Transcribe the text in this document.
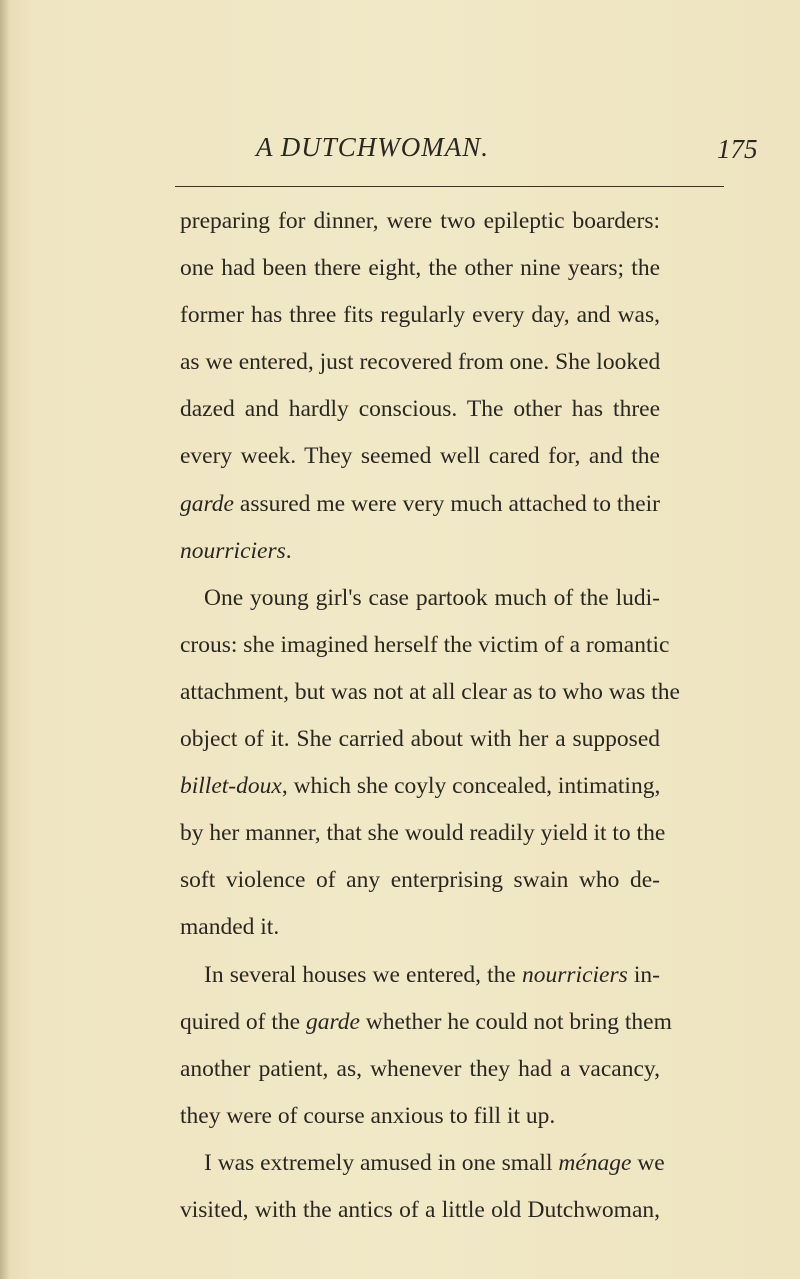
A DUTCHWOMAN.	175
preparing for dinner, were two epileptic boarders:
one had been there eight, the other nine years; the
former has three fits regularly every day, and was,
as we entered, just recovered from one. She looked
dazed and hardly conscious. The other has three
every week. They seemed well cared for, and the
garde assured me were very much attached to their
nourriciers.
One young girl's case partook much of the ludi-
crous: she imagined herself the victim of a romantic
attachment, but was not at all clear as to who was the
object of it. She carried about with her a supposed
billet-doux, which she coyly concealed, intimating,
by her manner, that she would readily yield it to the
soft violence of any enterprising swain who de-
manded it.
In several houses we entered, the nourriciers in-
quired of the garde whether he could not bring them
another patient, as, whenever they had a vacancy,
they were of course anxious to fill it up.
I was extremely amused in one small ménage we
visited, with the antics of a little old Dutchwoman,
